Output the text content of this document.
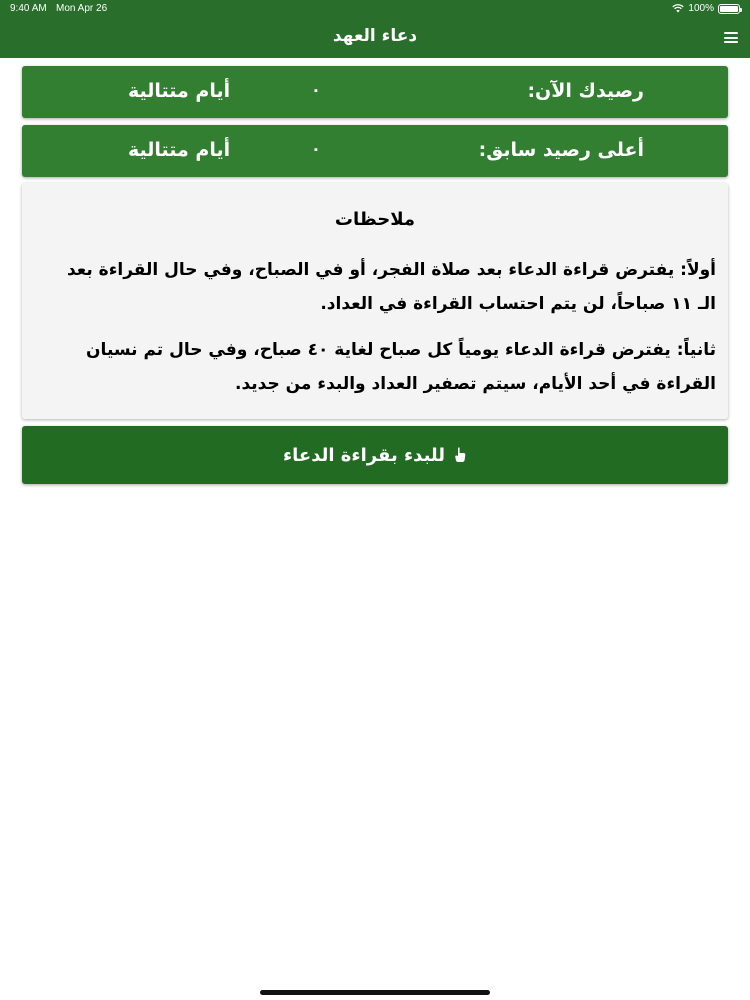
9:40 AM Mon Apr 26	100%
دعاء العهد
رصيدك الآن:
٠
أيام متتالية
أعلى رصيد سابق:
٠
أيام متتالية
ملاحظات

أولاً: يفترض قراءة الدعاء بعد صلاة الفجر، أو في الصباح، وفي حال القراءة بعد الـ ١١ صباحاً، لن يتم احتساب القراءة في العداد.

ثانياً: يفترض قراءة الدعاء يومياً كل صباح لغاية ٤٠ صباح، وفي حال تم نسيان القراءة في أحد الأيام، سيتم تصفير العداد والبدء من جديد.

للبدء بقراءة الدعاء
